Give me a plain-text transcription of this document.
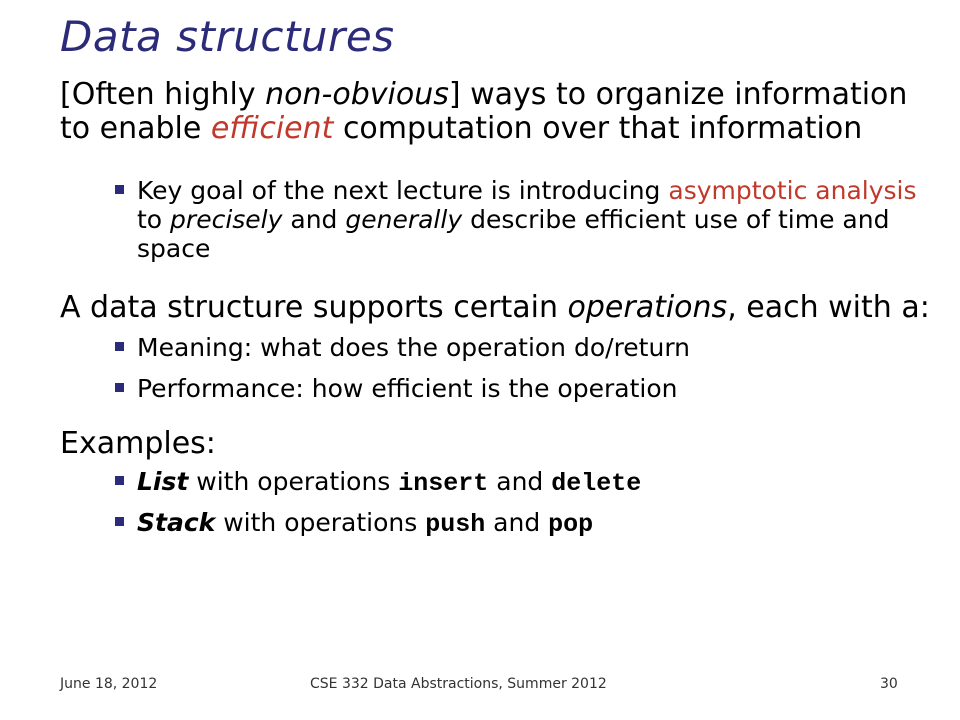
Data structures

[Often highly non-obvious] ways to organize information to enable efficient computation over that information

Key goal of the next lecture is introducing asymptotic analysis to precisely and generally describe efficient use of time and space

A data structure supports certain operations, each with a:

Meaning: what does the operation do/return

Performance: how efficient is the operation

Examples:

List with operations insert and delete

Stack with operations push and pop

June 18, 2012	CSE 332 Data Abstractions, Summer 2012	30
